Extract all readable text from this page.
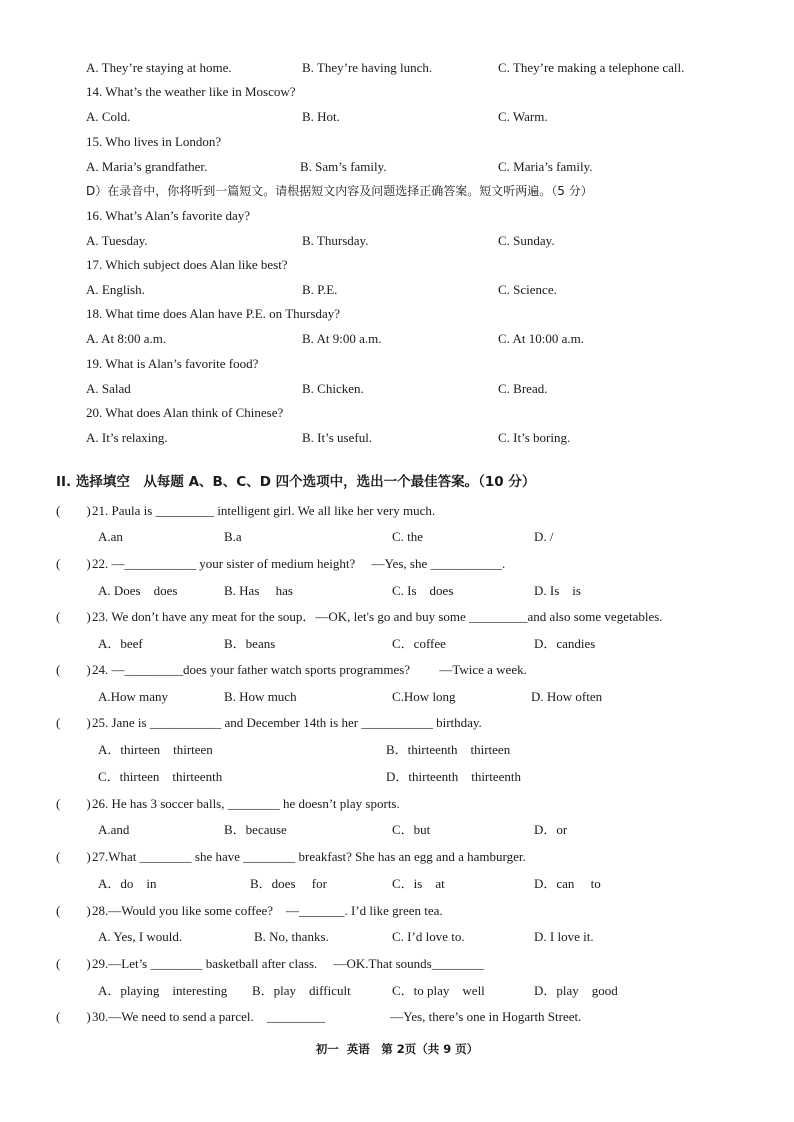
A. They’re staying at home.	B. They’re having lunch.	C. They’re making a telephone call.
14. What’s the weather like in Moscow?
A. Cold.	B. Hot.	C. Warm.
15. Who lives in London?
A. Maria’s grandfather.	B. Sam’s family.	C. Maria’s family.
D）在录音中，你将听到一篇短文。请根据短文内容及问题选择正确答案。短文听两遍。（5 分）
16. What’s Alan’s favorite day?
A. Tuesday.	B. Thursday.	C. Sunday.
17. Which subject does Alan like best?
A. English.	B. P.E.	C. Science.
18. What time does Alan have P.E. on Thursday?
A. At 8:00 a.m.	B. At 9:00 a.m.	C. At 10:00 a.m.
19. What is Alan’s favorite food?
A. Salad	B. Chicken.	C. Bread.
20. What does Alan think of Chinese?
A. It’s relaxing.	B. It’s useful.	C. It’s boring.
II. 选择填空　从每题 A、B、C、D 四个选项中，选出一个最佳答案。（10 分）
(　　) 21. Paula is _________ intelligent girl. We all like her very much.
A.an	B.a	C. the	D. /
(　　) 22. —___________ your sister of medium height?　 —Yes, she ___________.
A. Does　does	B. Has　 has	C. Is　does	D. Is　is
(　　) 23. We don’t have any meat for the soup．—OK, let's go and buy some _________and also some vegetables.
A．beef	B．beans	C．coffee	D．candies
(　　) 24. —_________does your father watch sports programmes?　　 —Twice a week.
A.How many	B. How much	C.How long	D. How often
(　　) 25. Jane is ___________ and December 14th is her ___________ birthday.
A．thirteen　thirteen	B．thirteenth　thirteen
C．thirteen　thirteenth	D．thirteenth　thirteenth
(　　) 26. He has 3 soccer balls, ________ he doesn’t play sports.
A.and	B．because	C．but	D．or
(　　) 27.What ________ she have ________ breakfast? She has an egg and a hamburger.
A．do　in	B．does　 for	C．is　at	D．can　 to
(　　) 28.—Would you like some coffee?　—_______. I’d like green tea.
A. Yes, I would.	B. No, thanks.	C. I’d love to.	D. I love it.
(　　) 29.—Let’s ________ basketball after class.　 —OK.That sounds________
A．playing　interesting B．play　difficult	C．to play　well	D．play　good
(　　) 30.—We need to send a parcel.　_________　　　　　—Yes, there’s one in Hogarth Street.
初一  英语　第 2页（共 9 页）
